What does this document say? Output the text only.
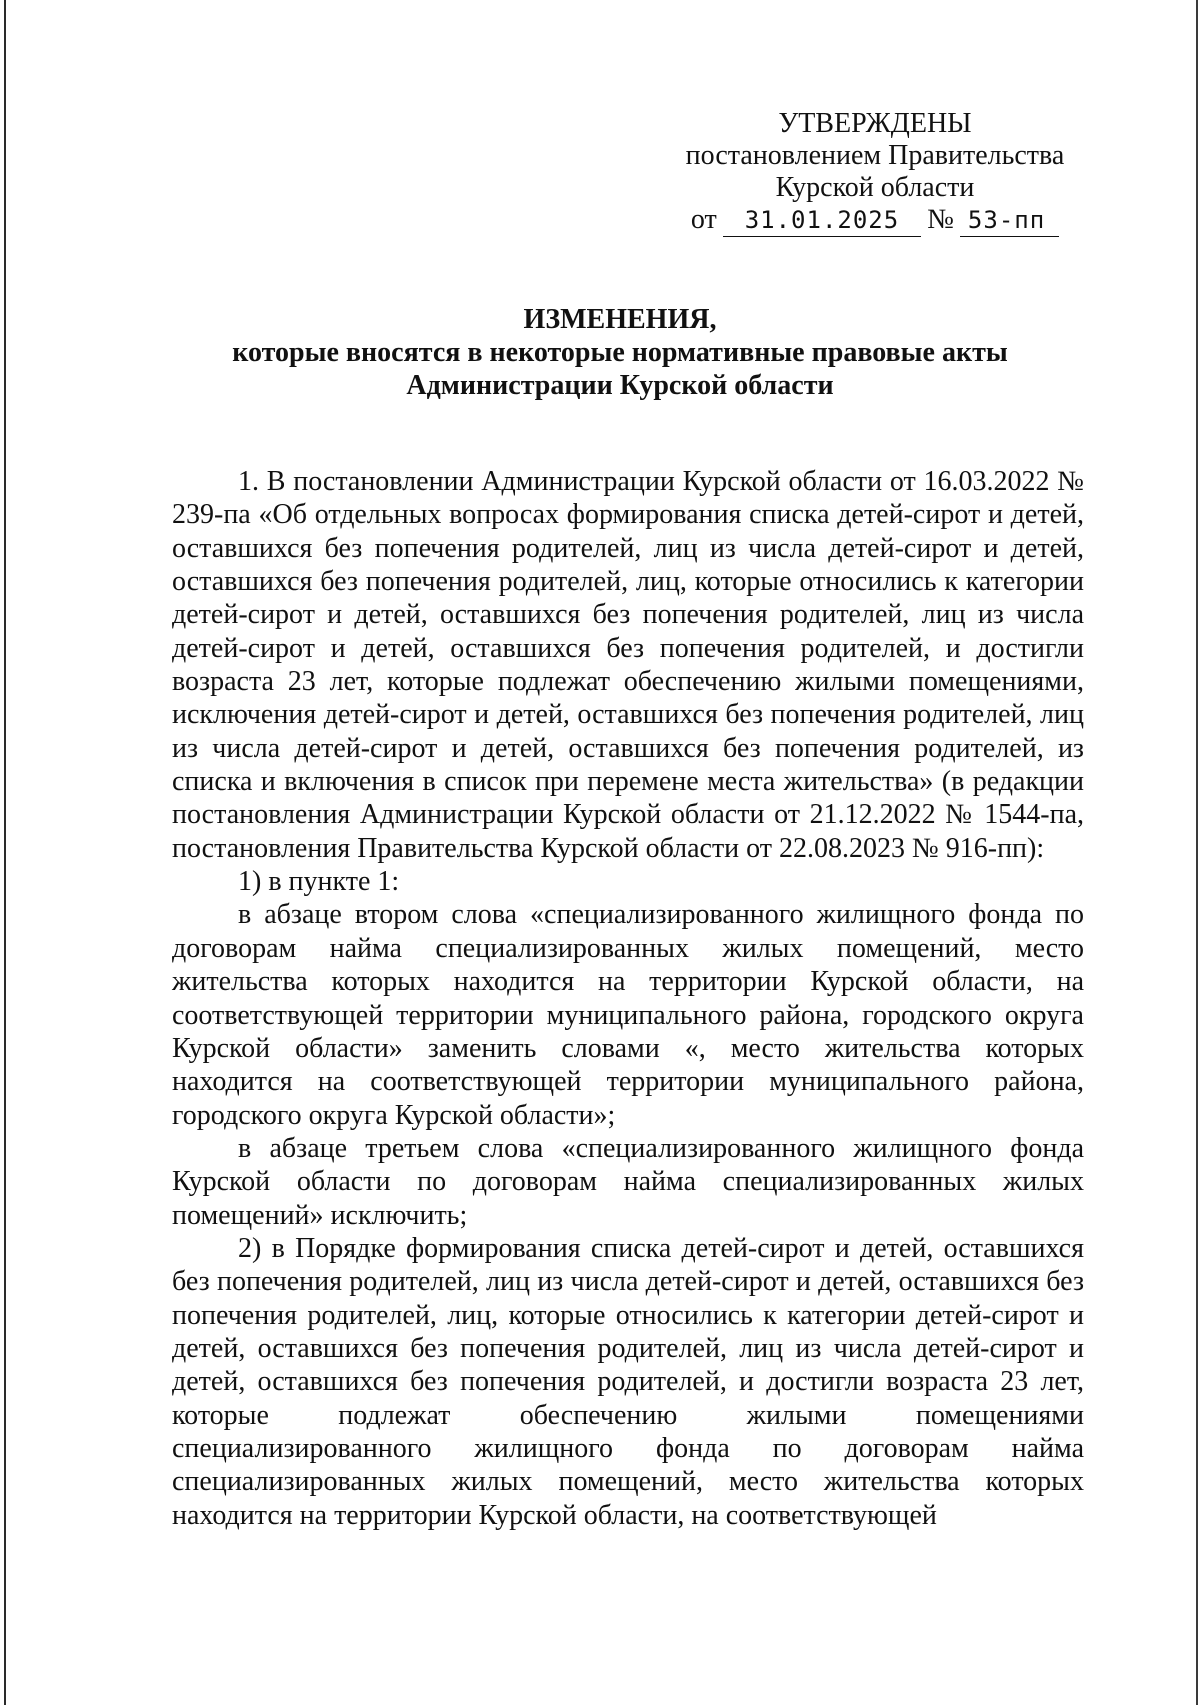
УТВЕРЖДЕНЫ
постановлением Правительства
Курской области
от	31.01.2025	№ 53-пп
ИЗМЕНЕНИЯ,
которые вносятся в некоторые нормативные правовые акты
Администрации Курской области

1. В постановлении Администрации Курской области от 16.03.2022 № 239-па «Об отдельных вопросах формирования списка детей-сирот и детей, оставшихся без попечения родителей, лиц из числа детей-сирот и детей, оставшихся без попечения родителей, лиц, которые относились к категории детей-сирот и детей, оставшихся без попечения родителей, лиц из числа детей-сирот и детей, оставшихся без попечения родителей, и достигли возраста 23 лет, которые подлежат обеспечению жилыми помещениями, исключения детей-сирот и детей, оставшихся без попечения родителей, лиц из числа детей-сирот и детей, оставшихся без попечения родителей, из списка и включения в список при перемене места жительства» (в редакции постановления Администрации Курской области от 21.12.2022 № 1544-па, постановления Правительства Курской области от 22.08.2023 № 916-пп):

1) в пункте 1:

в абзаце втором слова «специализированного жилищного фонда по договорам найма специализированных жилых помещений, место жительства которых находится на территории Курской области, на соответствующей территории муниципального района, городского округа Курской области» заменить словами «, место жительства которых находится на соответствующей территории муниципального района, городского округа Курской области»;

в абзаце третьем слова «специализированного жилищного фонда Курской области по договорам найма специализированных жилых помещений» исключить;

2) в Порядке формирования списка детей-сирот и детей, оставшихся без попечения родителей, лиц из числа детей-сирот и детей, оставшихся без попечения родителей, лиц, которые относились к категории детей-сирот и детей, оставшихся без попечения родителей, лиц из числа детей-сирот и детей, оставшихся без попечения родителей, и достигли возраста 23 лет, которые подлежат обеспечению жилыми помещениями специализированного жилищного фонда по договорам найма специализированных жилых помещений, место жительства которых находится на территории Курской области, на соответствующей
